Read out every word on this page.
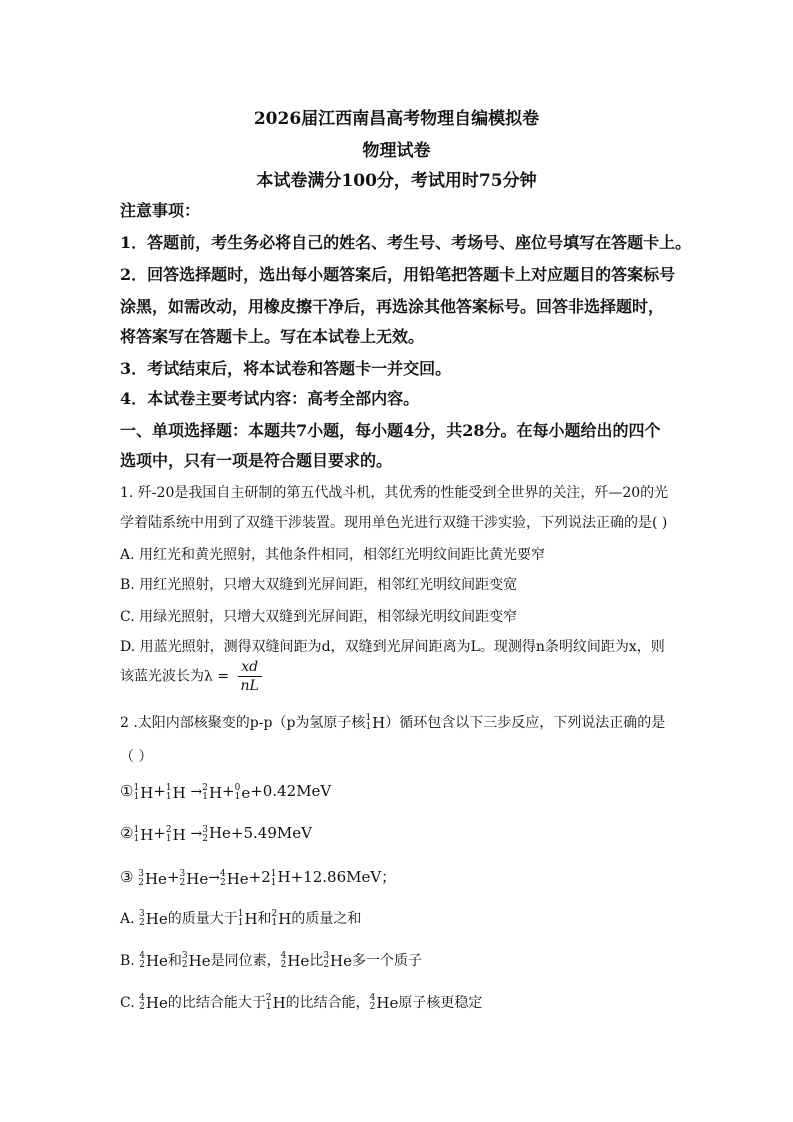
2026届江西南昌高考物理自编模拟卷
物理试卷
本试卷满分100分，考试用时75分钟
注意事项：
1．答题前，考生务必将自己的姓名、考生号、考场号、座位号填写在答题卡上。
2．回答选择题时，选出每小题答案后，用铅笔把答题卡上对应题目的答案标号
涂黑，如需改动，用橡皮擦干净后，再选涂其他答案标号。回答非选择题时，
将答案写在答题卡上。写在本试卷上无效。
3．考试结束后，将本试卷和答题卡一并交回。
4．本试卷主要考试内容：高考全部内容。
一、单项选择题：本题共7小题，每小题4分，共28分。在每小题给出的四个
选项中，只有一项是符合题目要求的。
1. 歼-20是我国自主研制的第五代战斗机，其优秀的性能受到全世界的关注，歼—20的光
学着陆系统中用到了双缝干涉装置。现用单色光进行双缝干涉实验，下列说法正确的是( )
A. 用红光和黄光照射，其他条件相同，相邻红光明纹间距比黄光要窄
B. 用红光照射，只增大双缝到光屏间距，相邻红光明纹间距变宽
C. 用绿光照射，只增大双缝到光屏间距，相邻绿光明纹间距变窄
D. 用蓝光照射，测得双缝间距为d，双缝到光屏间距离为L。现测得n条明纹间距为x，则
该蓝光波长为$\lambda = \frac{xd}{nL}$
2 .太阳内部核聚变的p-p（p为氢原子核 1
1 H）循环包含以下三步反应，下列说法正确的是
（ ）
① 1
1 H+ 1
1 H → 2
1 H+ 0
1 e+0.42MeV
② 1
1 H+ 2
1 H → 3
2 He+5.49MeV
③ 3
2 He+ 3
2 He→ 4
2 He+2 1
1 H+12.86MeV；
A. 3
2 He的质量大于 1
1 H和 2
1 H的质量之和
B. 4
2 He和 3
2 He是同位素， 4
2 He比 3
2 He多一个质子
C. 4
2 He的比结合能大于 2
1 H的比结合能， 4
2 He原子核更稳定
